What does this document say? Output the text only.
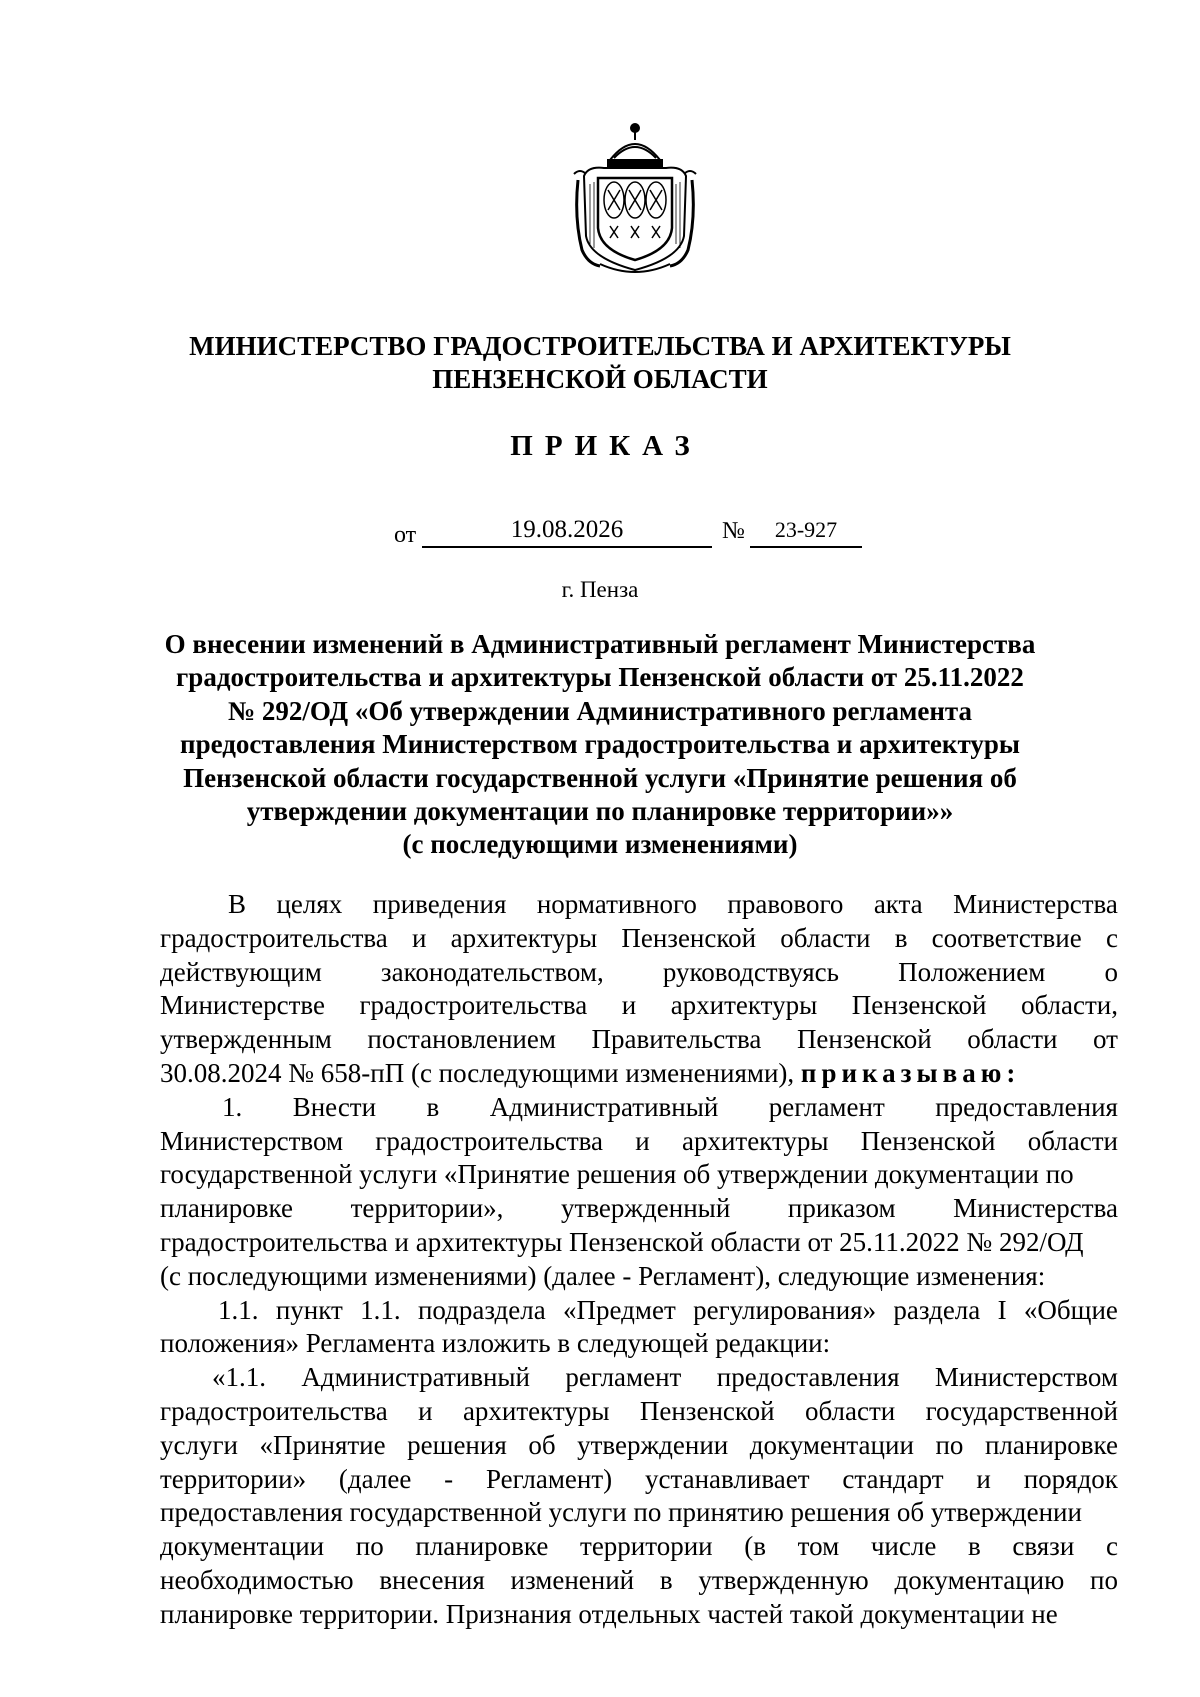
МИНИСТЕРСТВО ГРАДОСТРОИТЕЛЬСТВА И АРХИТЕКТУРЫ
ПЕНЗЕНСКОЙ ОБЛАСТИ
ПРИКАЗ
от	19.08.2026	№	23-927
г. Пенза
О внесении изменений в Административный регламент Министерства
градостроительства и архитектуры Пензенской области от 25.11.2022
№ 292/ОД «Об утверждении Административного регламента
предоставления Министерством градостроительства и архитектуры
Пензенской области государственной услуги «Принятие решения об
утверждении документации по планировке территории»»
(с последующими изменениями)
В целях приведения нормативного правового акта Министерства
градостроительства и архитектуры Пензенской области в соответствие с
действующим законодательством, руководствуясь Положением о
Министерстве градостроительства и архитектуры Пензенской области,
утвержденным постановлением Правительства Пензенской области от
30.08.2024 № 658-пП (с последующими изменениями), приказываю:
1. Внести в Административный регламент предоставления
Министерством градостроительства и архитектуры Пензенской области
государственной услуги «Принятие решения об утверждении документации по
планировке территории», утвержденный приказом Министерства
градостроительства и архитектуры Пензенской области от 25.11.2022 № 292/ОД
(с последующими изменениями) (далее - Регламент), следующие изменения:
1.1. пункт 1.1. подраздела «Предмет регулирования» раздела I «Общие
положения» Регламента изложить в следующей редакции:
«1.1. Административный регламент предоставления Министерством
градостроительства и архитектуры Пензенской области государственной
услуги «Принятие решения об утверждении документации по планировке
территории» (далее - Регламент) устанавливает стандарт и порядок
предоставления государственной услуги по принятию решения об утверждении
документации по планировке территории (в том числе в связи с
необходимостью внесения изменений в утвержденную документацию по
планировке территории. Признания отдельных частей такой документации не
